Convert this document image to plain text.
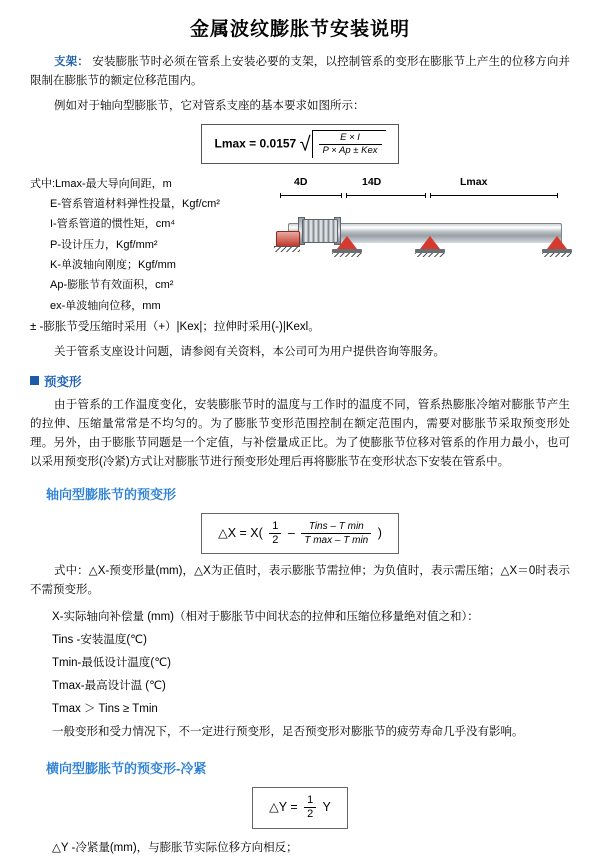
金属波纹膨胀节安装说明
支架： 安装膨胀节时必须在管系上安装必要的支架，以控制管系的变形在膨胀节上产生的位移方向并限制在膨胀节的额定位移范围内。
例如对于轴向型膨胀节，它对管系支座的基本要求如图所示：
Lmax = 0.0157 √ $\frac{E \times I}{\text{P × Ap ± Kex}}$
式中:Lmax-最大导向间距，m
E-管系管道材料弹性投量，Kgf/cm²
I-管系管道的惯性矩，cm⁴
P-设计压力，Kgf/mm²
K-单波轴向刚度；Kgf/mm
Ap-膨胀节有效面积，cm²
ex-单波轴向位移，mm
4D	14D	Lmax
± -膨胀节受压缩时采用（+）|Kex|；拉伸时采用(-)|Kexl。
关于管系支座设计问题，请参阅有关资料，本公司可为用户提供咨询等服务。
预变形
由于管系的工作温度变化，安装膨胀节时的温度与工作时的温度不同，管系热膨胀冷缩对膨胀节产生的拉伸、压缩量常常是不均匀的。为了膨胀节变形范围控制在额定范围内，需要对膨胀节采取预变形处理。另外，由于膨胀节同题是一个定值，与补偿量成正比。为了使膨胀节位移对管系的作用力最小，也可以采用预变形(冷紧)方式让对膨胀节进行预变形处理后再将膨胀节在变形状态下安装在管系中。
轴向型膨胀节的预变形
△X = $X( \frac{1}{2}$ –	Tins – T min
T max – T min
)
式中：△X-预变形量(mm)，△X为正值时，表示膨胀节需拉伸；为负值时，表示需压缩；△X＝0时表示不需预变形。
X-实际轴向补偿量 (mm)（相对于膨胀节中间状态的拉伸和压缩位移量绝对值之和）：
Tins -安装温度(℃)
Tmin-最低设计温度(℃)
Tmax-最高设计温 (℃)
Tmax ＞ Tins ≥ Tmin
一般变形和受力情况下，不一定进行预变形，足否预变形对膨胀节的疲劳寿命几乎没有影响。
横向型膨胀节的预变形-冷紧
△Y = $\frac{1}{2}$ Y
△Y -冷紧量(mm)，与膨胀节实际位移方向相反；
